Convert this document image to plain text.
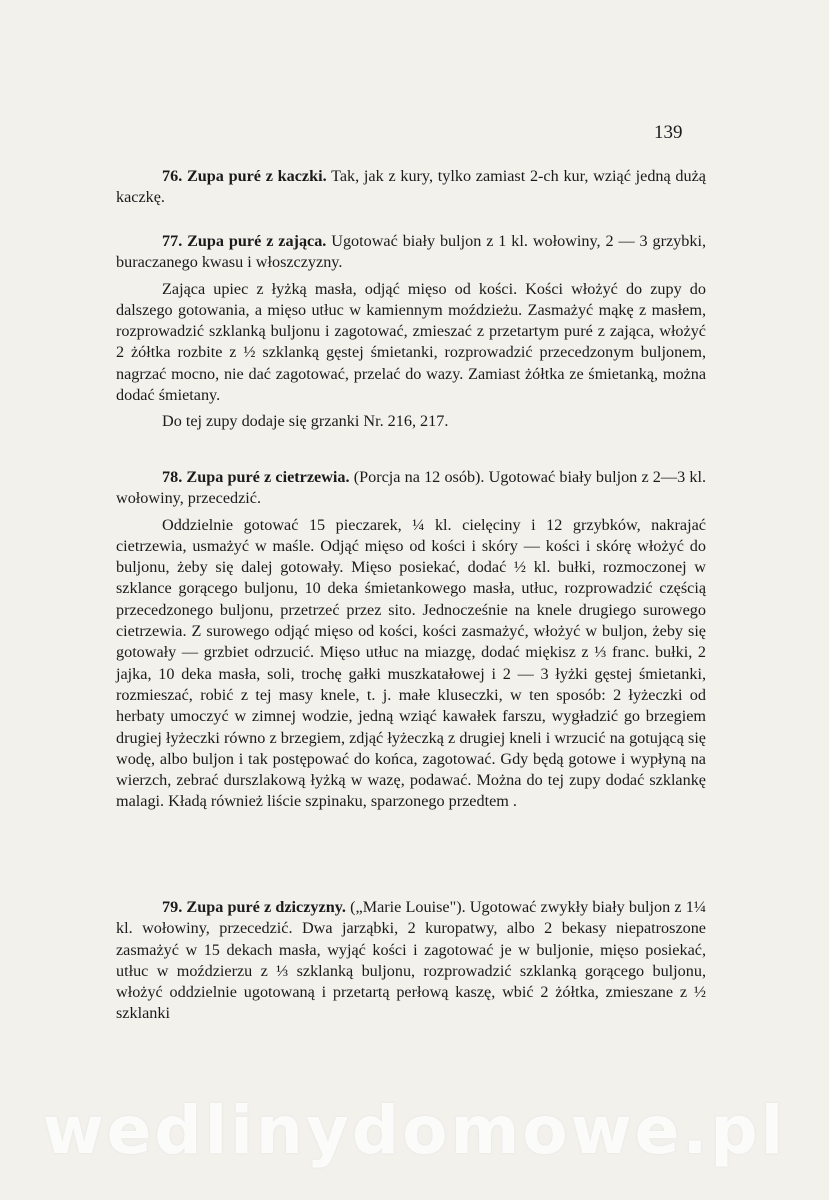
139

76. Zupa puré z kaczki. Tak, jak z kury, tylko zamiast 2-ch kur, wziąć jedną dużą kaczkę.

77. Zupa puré z zająca. Ugotować biały buljon z 1 kl. wołowiny, 2 — 3 grzybki, buraczanego kwasu i włoszczyzny.

Zająca upiec z łyżką masła, odjąć mięso od kości. Kości włożyć do zupy do dalszego gotowania, a mięso utłuc w kamiennym moździeżu. Zasmażyć mąkę z masłem, rozprowadzić szklanką buljonu i zagotować, zmieszać z przetartym puré z zająca, włożyć 2 żółtka rozbite z ½ szklanką gęstej śmietanki, rozprowadzić przecedzonym buljonem, nagrzać mocno, nie dać zagotować, przelać do wazy. Zamiast żółtka ze śmietanką, można dodać śmietany.

Do tej zupy dodaje się grzanki Nr. 216, 217.

78. Zupa puré z cietrzewia. (Porcja na 12 osób). Ugotować biały buljon z 2—3 kl. wołowiny, przecedzić.

Oddzielnie gotować 15 pieczarek, ¼ kl. cielęciny i 12 grzybków, nakrajać cietrzewia, usmażyć w maśle. Odjąć mięso od kości i skóry — kości i skórę włożyć do buljonu, żeby się dalej gotowały. Mięso posiekać, dodać ½ kl. bułki, rozmoczonej w szklance gorącego buljonu, 10 deka śmietankowego masła, utłuc, rozprowadzić częścią przecedzonego buljonu, przetrzeć przez sito. Jednocześnie na knele drugiego surowego cietrzewia. Z surowego odjąć mięso od kości, kości zasmażyć, włożyć w buljon, żeby się gotowały — grzbiet odrzucić. Mięso utłuc na miazgę, dodać miękisz z ⅓ franc. bułki, 2 jajka, 10 deka masła, soli, trochę gałki muszkatałowej i 2 — 3 łyżki gęstej śmietanki, rozmieszać, robić z tej masy knele, t. j. małe kluseczki, w ten sposób: 2 łyżeczki od herbaty umoczyć w zimnej wodzie, jedną wziąć kawałek farszu, wygładzić go brzegiem drugiej łyżeczki równo z brzegiem, zdjąć łyżeczką z drugiej kneli i wrzucić na gotującą się wodę, albo buljon i tak postępować do końca, zagotować. Gdy będą gotowe i wypłyną na wierzch, zebrać durszlakową łyżką w wazę, podawać. Można do tej zupy dodać szklankę malagi. Kładą również liście szpinaku, sparzonego przedtem .

79. Zupa puré z dziczyzny. („Marie Louise"). Ugotować zwykły biały buljon z 1¼ kl. wołowiny, przecedzić. Dwa jarząbki, 2 kuropatwy, albo 2 bekasy niepatroszone zasmażyć w 15 dekach masła, wyjąć kości i zagotować je w buljonie, mięso posiekać, utłuc w moździerzu z ⅓ szklanką buljonu, rozprowadzić szklanką gorącego buljonu, włożyć oddzielnie ugotowaną i przetartą perłową kaszę, wbić 2 żółtka, zmieszane z ½ szklanki

wedlinydomowe.pl
